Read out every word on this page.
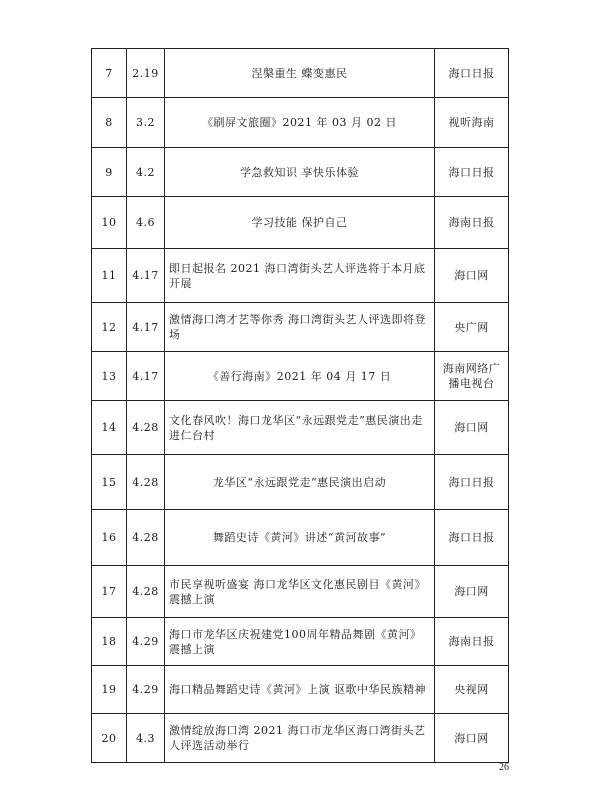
7	2.19	涅槃重生 蝶变惠民	海口日报
8	3.2	《刷屏文旅圈》2021 年 03 月 02 日	视听海南
9	4.2	学急救知识 享快乐体验	海口日报
10	4.6	学习技能 保护自己	海南日报
11	4.17	即日起报名 2021 海口湾街头艺人评选将于本月底开展	海口网
12	4.17	激情海口湾才艺等你秀 海口湾街头艺人评选即将登场	央广网
13	4.17	《善行海南》2021 年 04 月 17 日	海南网络广播电视台
14	4.28	文化春风吹！海口龙华区“永远跟党走”惠民演出走进仁台村	海口网
15	4.28	龙华区“永远跟党走”惠民演出启动	海口日报
16	4.28	舞蹈史诗《黄河》讲述“黄河故事”	海口日报
17	4.28	市民享视听盛宴 海口龙华区文化惠民剧目《黄河》震撼上演	海口网
18	4.29	海口市龙华区庆祝建党100周年精品舞剧《黄河》震撼上演	海南日报
19	4.29	海口精品舞蹈史诗《黄河》上演 讴歌中华民族精神	央视网
20	4.3	激情绽放海口湾 2021 海口市龙华区海口湾街头艺人评选活动举行	海口网
26
